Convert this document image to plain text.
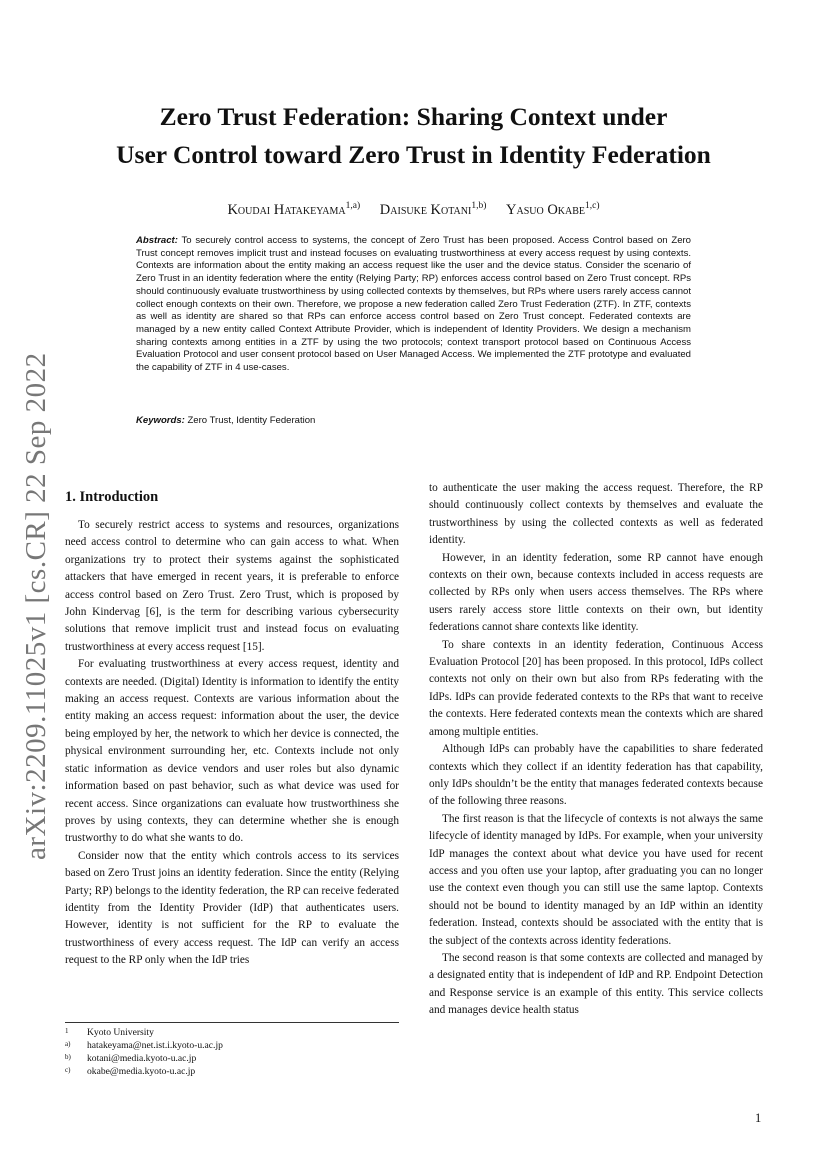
arXiv:2209.11025v1 [cs.CR] 22 Sep 2022
Zero Trust Federation: Sharing Context under
User Control toward Zero Trust in Identity Federation
Koudai Hatakeyama$^{1,a)}$ Daisuke Kotani$^{1,b)}$ Yasuo Okabe$^{1,c)}$
Abstract: To securely control access to systems, the concept of Zero Trust has been proposed. Access Control based on Zero Trust concept removes implicit trust and instead focuses on evaluating trustworthiness at every access request by using contexts. Contexts are information about the entity making an access request like the user and the device status. Consider the scenario of Zero Trust in an identity federation where the entity (Relying Party; RP) enforces access control based on Zero Trust concept. RPs should continuously evaluate trustworthiness by using collected contexts by themselves, but RPs where users rarely access cannot collect enough contexts on their own. Therefore, we propose a new federation called Zero Trust Federation (ZTF). In ZTF, contexts as well as identity are shared so that RPs can enforce access control based on Zero Trust concept. Federated contexts are managed by a new entity called Context Attribute Provider, which is independent of Identity Providers. We design a mechanism sharing contexts among entities in a ZTF by using the two protocols; context transport protocol based on Continuous Access Evaluation Protocol and user consent protocol based on User Managed Access. We implemented the ZTF prototype and evaluated the capability of ZTF in 4 use-cases.
Keywords: Zero Trust, Identity Federation
1. Introduction

To securely restrict access to systems and resources, organizations need access control to determine who can gain access to what. When organizations try to protect their systems against the sophisticated attackers that have emerged in recent years, it is preferable to enforce access control based on Zero Trust. Zero Trust, which is proposed by John Kindervag [6], is the term for describing various cybersecurity solutions that remove implicit trust and instead focus on evaluating trustworthiness at every access request [15].

For evaluating trustworthiness at every access request, identity and contexts are needed. (Digital) Identity is information to identify the entity making an access request. Contexts are various information about the entity making an access request: information about the user, the device being employed by her, the network to which her device is connected, the physical environment surrounding her, etc. Contexts include not only static information as device vendors and user roles but also dynamic information based on past behavior, such as what device was used for recent access. Since organizations can evaluate how trustworthiness she proves by using contexts, they can determine whether she is enough trustworthy to do what she wants to do.

Consider now that the entity which controls access to its services based on Zero Trust joins an identity federation. Since the entity (Relying Party; RP) belongs to the identity federation, the RP can receive federated identity from the Identity Provider (IdP) that authenticates users. However, identity is not sufficient for the RP to evaluate the trustworthiness of every access request. The IdP can verify an access request to the RP only when the IdP tries

to authenticate the user making the access request. Therefore, the RP should continuously collect contexts by themselves and evaluate the trustworthiness by using the collected contexts as well as federated identity.

However, in an identity federation, some RP cannot have enough contexts on their own, because contexts included in access requests are collected by RPs only when users access themselves. The RPs where users rarely access store little contexts on their own, but identity federations cannot share contexts like identity.

To share contexts in an identity federation, Continuous Access Evaluation Protocol [20] has been proposed. In this protocol, IdPs collect contexts not only on their own but also from RPs federating with the IdPs. IdPs can provide federated contexts to the RPs that want to receive the contexts. Here federated contexts mean the contexts which are shared among multiple entities.

Although IdPs can probably have the capabilities to share federated contexts which they collect if an identity federation has that capability, only IdPs shouldn’t be the entity that manages federated contexts because of the following three reasons.

The first reason is that the lifecycle of contexts is not always the same lifecycle of identity managed by IdPs. For example, when your university IdP manages the context about what device you have used for recent access and you often use your laptop, after graduating you can no longer use the context even though you can still use the same laptop. Contexts should not be bound to identity managed by an IdP within an identity federation. Instead, contexts should be associated with the entity that is the subject of the contexts across identity federations.

The second reason is that some contexts are collected and managed by a designated entity that is independent of IdP and RP. Endpoint Detection and Response service is an example of this entity. This service collects and manages device health status

1	Kyoto University
a)	hatakeyama@net.ist.i.kyoto-u.ac.jp
b)	kotani@media.kyoto-u.ac.jp
c)	okabe@media.kyoto-u.ac.jp
1
